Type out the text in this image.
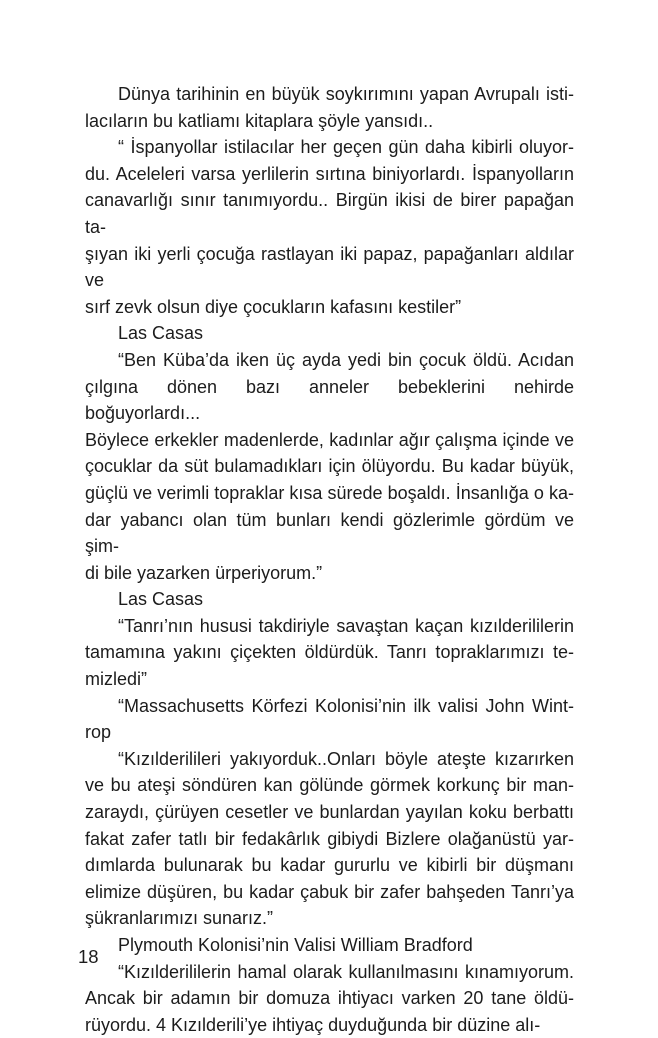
Dünya tarihinin en büyük soykırımını yapan Avrupalı isti-
lacıların bu katliamı kitaplara şöyle yansıdı..
“ İspanyollar istilacılar her geçen gün daha kibirli oluyor-
du. Aceleleri varsa yerlilerin sırtına biniyorlardı. İspanyolların
canavarlığı sınır tanımıyordu.. Birgün ikisi de birer papağan ta-
şıyan iki yerli çocuğa rastlayan iki papaz, papağanları aldılar ve
sırf zevk olsun diye çocukların kafasını kestiler”
Las Casas
“Ben Küba’da iken üç ayda yedi bin çocuk öldü. Acıdan
çılgına dönen bazı anneler bebeklerini nehirde boğuyorlardı...
Böylece erkekler madenlerde, kadınlar ağır çalışma içinde ve
çocuklar da süt bulamadıkları için ölüyordu. Bu kadar büyük,
güçlü ve verimli topraklar kısa sürede boşaldı. İnsanlığa o ka-
dar yabancı olan tüm bunları kendi gözlerimle gördüm ve şim-
di bile yazarken ürperiyorum.”
Las Casas
“Tanrı’nın hususi takdiriyle savaştan kaçan kızılderililerin
tamamına yakını çiçekten öldürdük. Tanrı topraklarımızı te-
mizledi”
“Massachusetts Körfezi Kolonisi’nin ilk valisi John Wint-
rop
“Kızılderilileri yakıyorduk..Onları böyle ateşte kızarırken
ve bu ateşi söndüren kan gölünde görmek korkunç bir man-
zaraydı, çürüyen cesetler ve bunlardan yayılan koku berbattı
fakat zafer tatlı bir fedakârlık gibiydi Bizlere olağanüstü yar-
dımlarda bulunarak bu kadar gururlu ve kibirli bir düşmanı
elimize düşüren, bu kadar çabuk bir zafer bahşeden Tanrı’ya
şükranlarımızı sunarız.”
Plymouth Kolonisi’nin Valisi William Bradford
“Kızılderililerin hamal olarak kullanılmasını kınamıyorum.
Ancak bir adamın bir domuza ihtiyacı varken 20 tane öldü-
rüyordu. 4 Kızılderili’ye ihtiyaç duyduğunda bir düzine alı-
18
